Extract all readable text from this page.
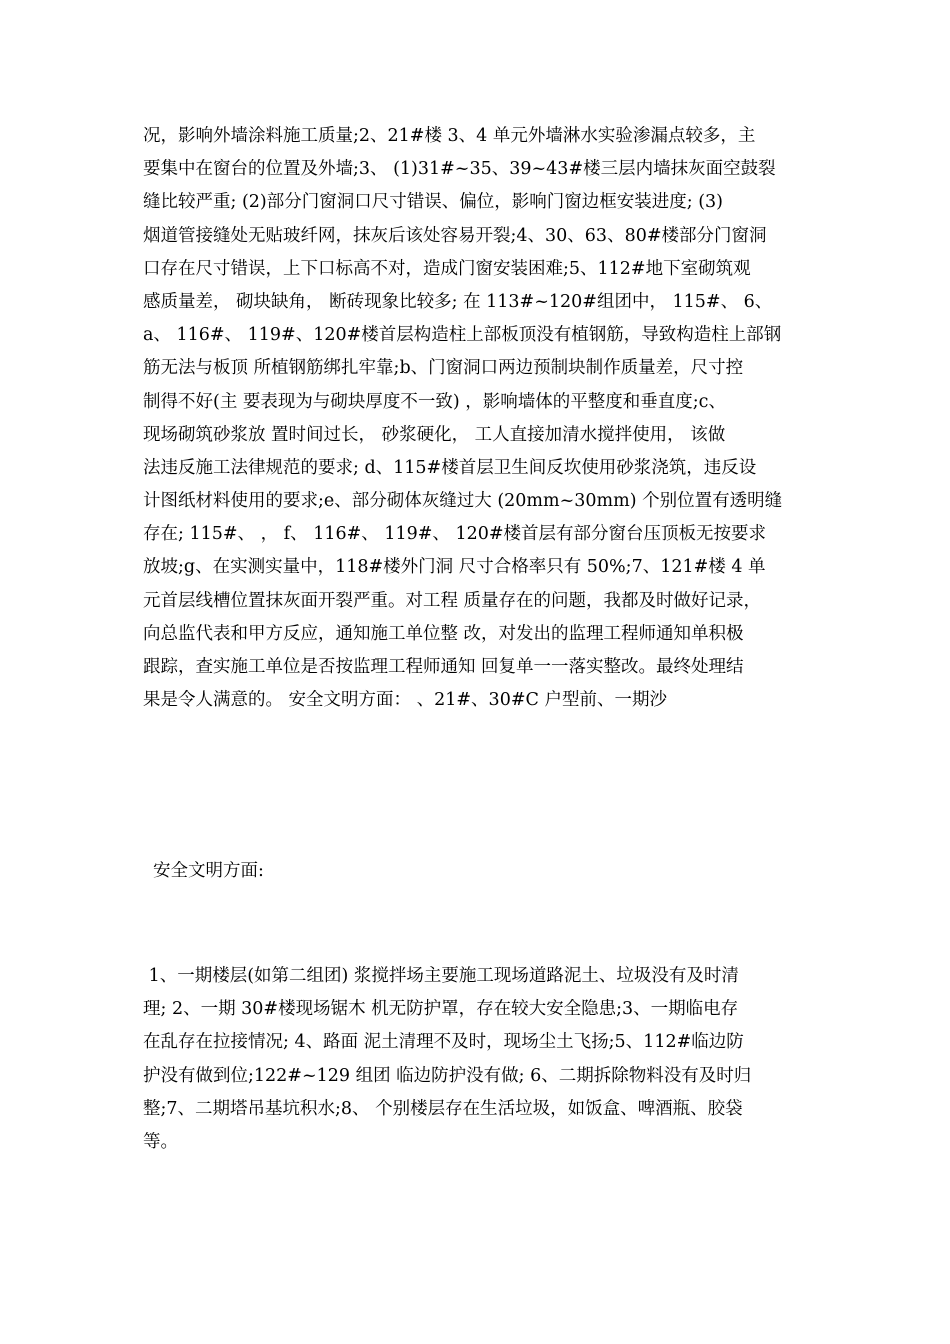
况，影响外墙涂料施工质量;2、21#楼 3、4 单元外墙淋水实验渗漏点较多，主
要集中在窗台的位置及外墙;3、 (1)31#~35、39~43#楼三层内墙抹灰面空鼓裂
缝比较严重; (2)部分门窗洞口尺寸错误、偏位，影响门窗边框安装进度; (3)
烟道管接缝处无贴玻纤网，抹灰后该处容易开裂;4、30、63、80#楼部分门窗洞
口存在尺寸错误，上下口标高不对，造成门窗安装困难;5、112#地下室砌筑观
感质量差， 砌块缺角， 断砖现象比较多; 在 113#~120#组团中， 115#、 6、
a、 116#、 119#、120#楼首层构造柱上部板顶没有植钢筋，导致构造柱上部钢
筋无法与板顶 所植钢筋绑扎牢靠;b、门窗洞口两边预制块制作质量差，尺寸控
制得不好(主 要表现为与砌块厚度不一致) ，影响墙体的平整度和垂直度;c、
现场砌筑砂浆放 置时间过长， 砂浆硬化， 工人直接加清水搅拌使用， 该做
法违反施工法律规范的要求; d、115#楼首层卫生间反坎使用砂浆浇筑，违反设
计图纸材料使用的要求;e、部分砌体灰缝过大 (20mm~30mm) 个别位置有透明缝
存在; 115#、 ， f、 116#、 119#、 120#楼首层有部分窗台压顶板无按要求
放坡;g、在实测实量中，118#楼外门洞 尺寸合格率只有 50%;7、121#楼 4 单
元首层线槽位置抹灰面开裂严重。对工程 质量存在的问题，我都及时做好记录，
向总监代表和甲方反应，通知施工单位整 改，对发出的监理工程师通知单积极
跟踪，查实施工单位是否按监理工程师通知 回复单一一落实整改。最终处理结
果是令人满意的。 安全文明方面： 、21#、30#C 户型前、一期沙
安全文明方面:
1、一期楼层(如第二组团) 浆搅拌场主要施工现场道路泥土、垃圾没有及时清
理; 2、一期 30#楼现场锯木 机无防护罩，存在较大安全隐患;3、一期临电存
在乱存在拉接情况; 4、路面 泥土清理不及时，现场尘土飞扬;5、112#临边防
护没有做到位;122#~129 组团 临边防护没有做; 6、二期拆除物料没有及时归
整;7、二期塔吊基坑积水;8、 个别楼层存在生活垃圾，如饭盒、啤酒瓶、胶袋
等。
